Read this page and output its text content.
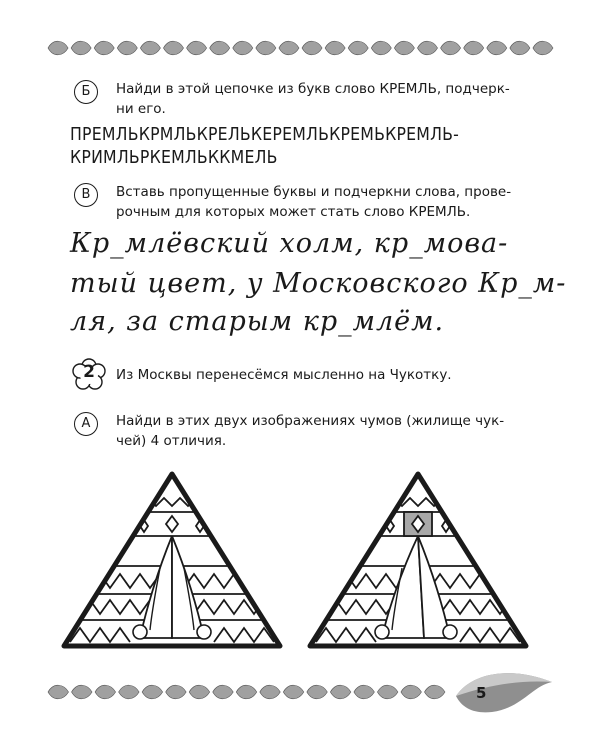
Б	Найди в этой цепочке из букв слово КРЕМЛЬ, подчерк-
ни его.
ПРЕМЛЬКРМЛЬКРЕЛЬКЕРЕМЛЬКРЕМЬКРЕМЛЬ-
КРИМЛЬРКЕМЛЬККМЕЛЬ
В	Вставь пропущенные буквы и подчеркни слова, прове-
рочным для которых может стать слово КРЕМЛЬ.
Кр_млёвский холм, кр_мова-
тый цвет, у Московского Кр_м-
ля, за старым кр_млём.
2	Из Москвы перенесёмся мысленно на Чукотку.
А	Найди в этих двух изображениях чумов (жилище чук-
чей) 4 отличия.
5
